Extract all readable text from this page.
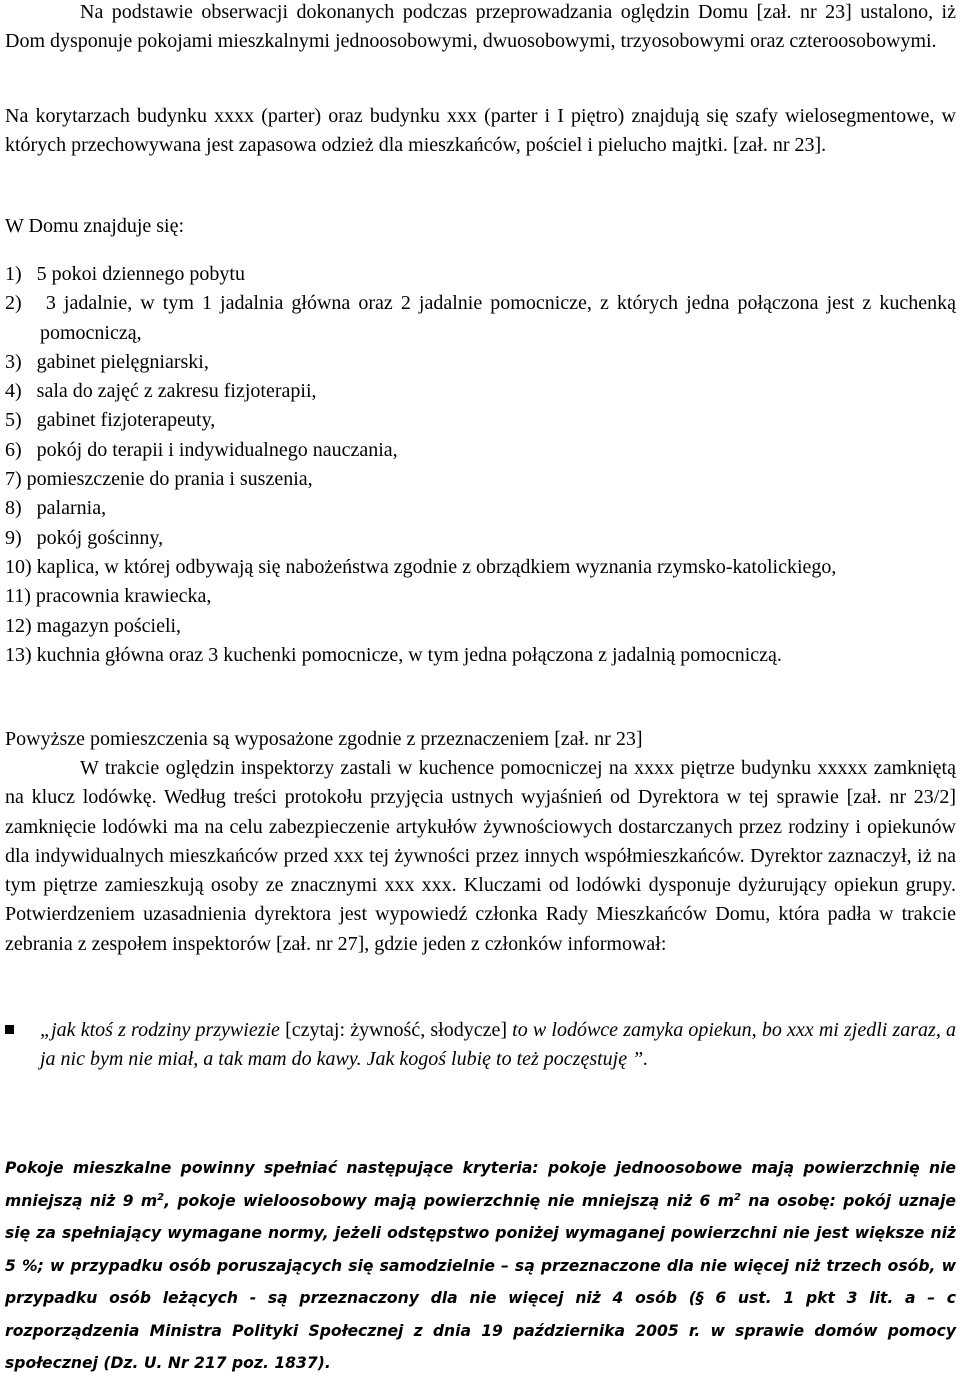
Na podstawie obserwacji dokonanych podczas przeprowadzania oględzin Domu [zał. nr 23] ustalono, iż Dom dysponuje pokojami mieszkalnymi jednoosobowymi, dwuosobowymi, trzyosobowymi oraz czteroosobowymi.

Na korytarzach budynku xxxx (parter) oraz budynku xxx (parter i I piętro) znajdują się szafy wielosegmentowe, w których przechowywana jest zapasowa odzież dla mieszkańców, pościel i pielucho majtki. [zał. nr 23].

W Domu znajduje się:

1)   5 pokoi dziennego pobytu
2)   3 jadalnie, w tym 1 jadalnia główna oraz 2 jadalnie pomocnicze, z których jedna połączona jest z kuchenką pomocniczą,
3)   gabinet pielęgniarski,
4)   sala do zajęć z zakresu fizjoterapii,
5)   gabinet fizjoterapeuty,
6)   pokój do terapii i indywidualnego nauczania,
7) pomieszczenie do prania i suszenia,
8)   palarnia,
9)   pokój gościnny,
10) kaplica, w której odbywają się nabożeństwa zgodnie z obrządkiem wyznania rzymsko-katolickiego,
11) pracownia krawiecka,
12) magazyn pościeli,
13) kuchnia główna oraz 3 kuchenki pomocnicze, w tym jedna połączona z jadalnią pomocniczą.

Powyższe pomieszczenia są wyposażone zgodnie z przeznaczeniem [zał. nr 23]

W trakcie oględzin inspektorzy zastali w kuchence pomocniczej na xxxx piętrze budynku xxxxx zamkniętą na klucz lodówkę. Według treści protokołu przyjęcia ustnych wyjaśnień od Dyrektora w tej sprawie [zał. nr 23/2] zamknięcie lodówki ma na celu zabezpieczenie artykułów żywnościowych dostarczanych przez rodziny i opiekunów dla indywidualnych mieszkańców przed xxx tej żywności przez innych współmieszkańców. Dyrektor zaznaczył, iż na tym piętrze zamieszkują osoby ze znacznymi xxx xxx. Kluczami od lodówki dysponuje dyżurujący opiekun grupy. Potwierdzeniem uzasadnienia dyrektora jest wypowiedź członka Rady Mieszkańców Domu, która padła w trakcie zebrania z zespołem inspektorów [zał. nr 27], gdzie jeden z członków informował:

„jak ktoś z rodziny przywiezie [czytaj: żywność, słodycze] to w lodówce zamyka opiekun, bo xxx mi zjedli zaraz, a ja nic bym nie miał, a tak mam do kawy. Jak kogoś lubię to też poczęstuję ”.

Pokoje mieszkalne powinny spełniać następujące kryteria: pokoje jednoosobowe mają powierzchnię nie mniejszą niż 9 $m^2$, pokoje wieloosobowy mają powierzchnię nie mniejszą niż 6 $m^2$ na osobę: pokój uznaje się za spełniający wymagane normy, jeżeli odstępstwo poniżej wymaganej powierzchni nie jest większe niż 5 %; w przypadku osób poruszających się samodzielnie – są przeznaczone dla nie więcej niż trzech osób, w przypadku osób leżących - są przeznaczony dla nie więcej niż 4 osób (§ 6 ust. 1 pkt 3 lit. a – c rozporządzenia Ministra Polityki Społecznej z dnia 19 października 2005 r. w sprawie domów pomocy społecznej (Dz. U. Nr 217 poz. 1837).
